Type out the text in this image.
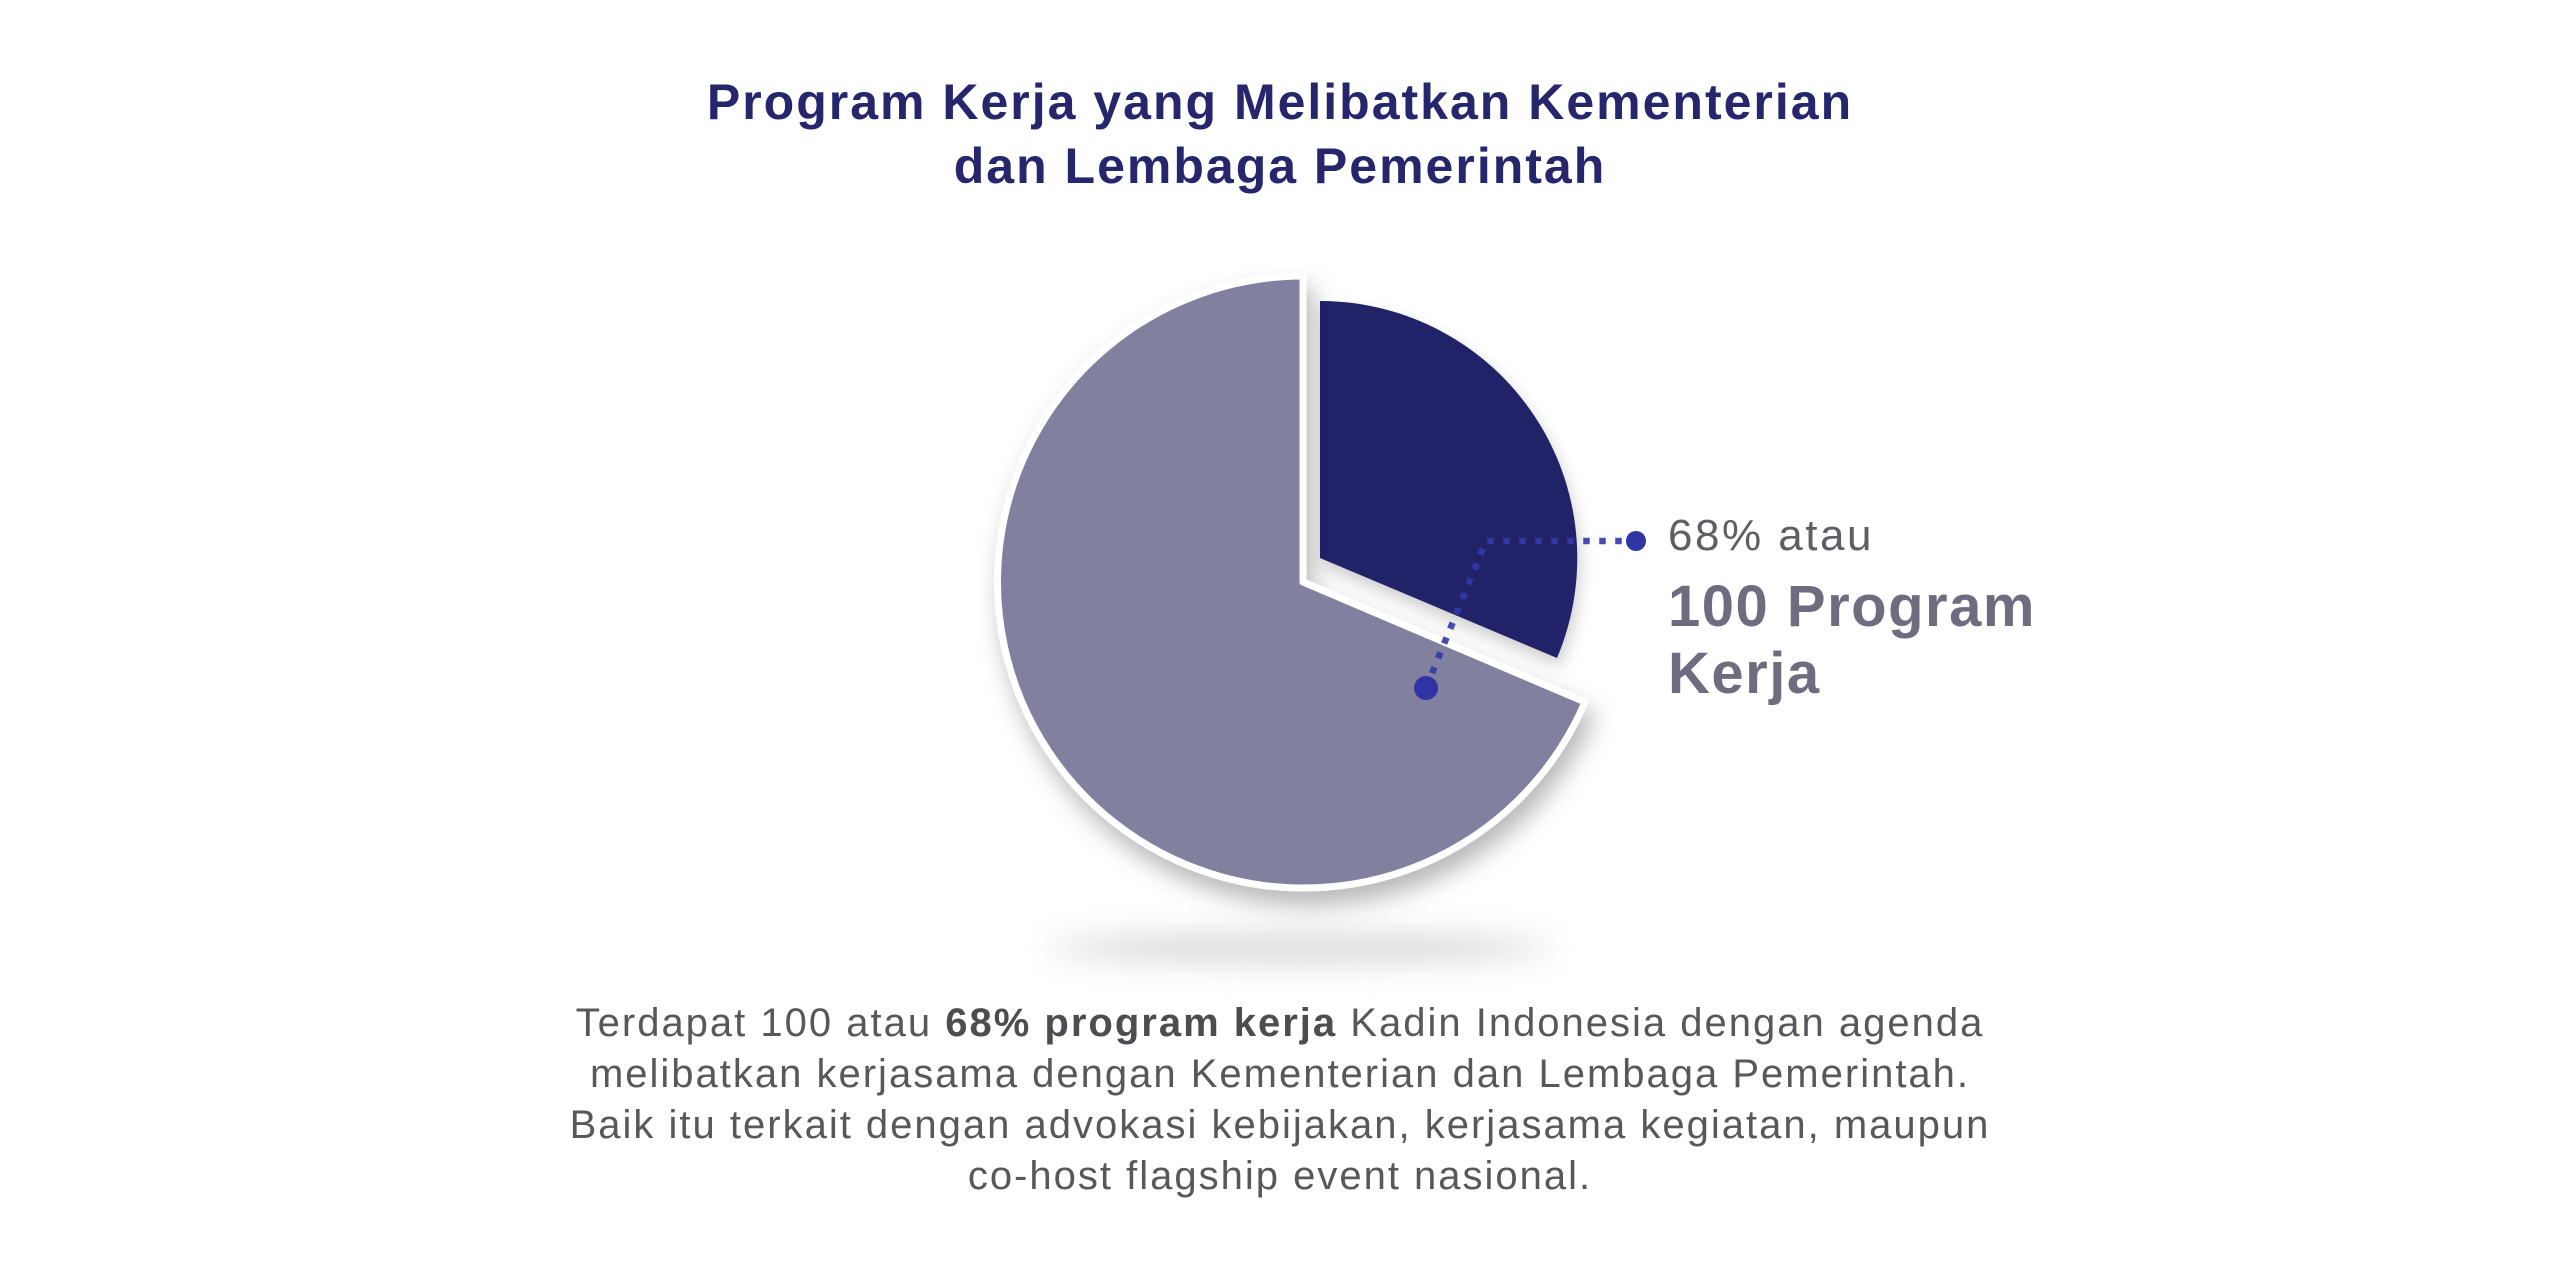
Program Kerja yang Melibatkan Kementerian
dan Lembaga Pemerintah
68% atau
100 Program
Kerja
Terdapat 100 atau 68% program kerja Kadin Indonesia dengan agenda
melibatkan kerjasama dengan Kementerian dan Lembaga Pemerintah.
Baik itu terkait dengan advokasi kebijakan, kerjasama kegiatan, maupun
co-host flagship event nasional.
